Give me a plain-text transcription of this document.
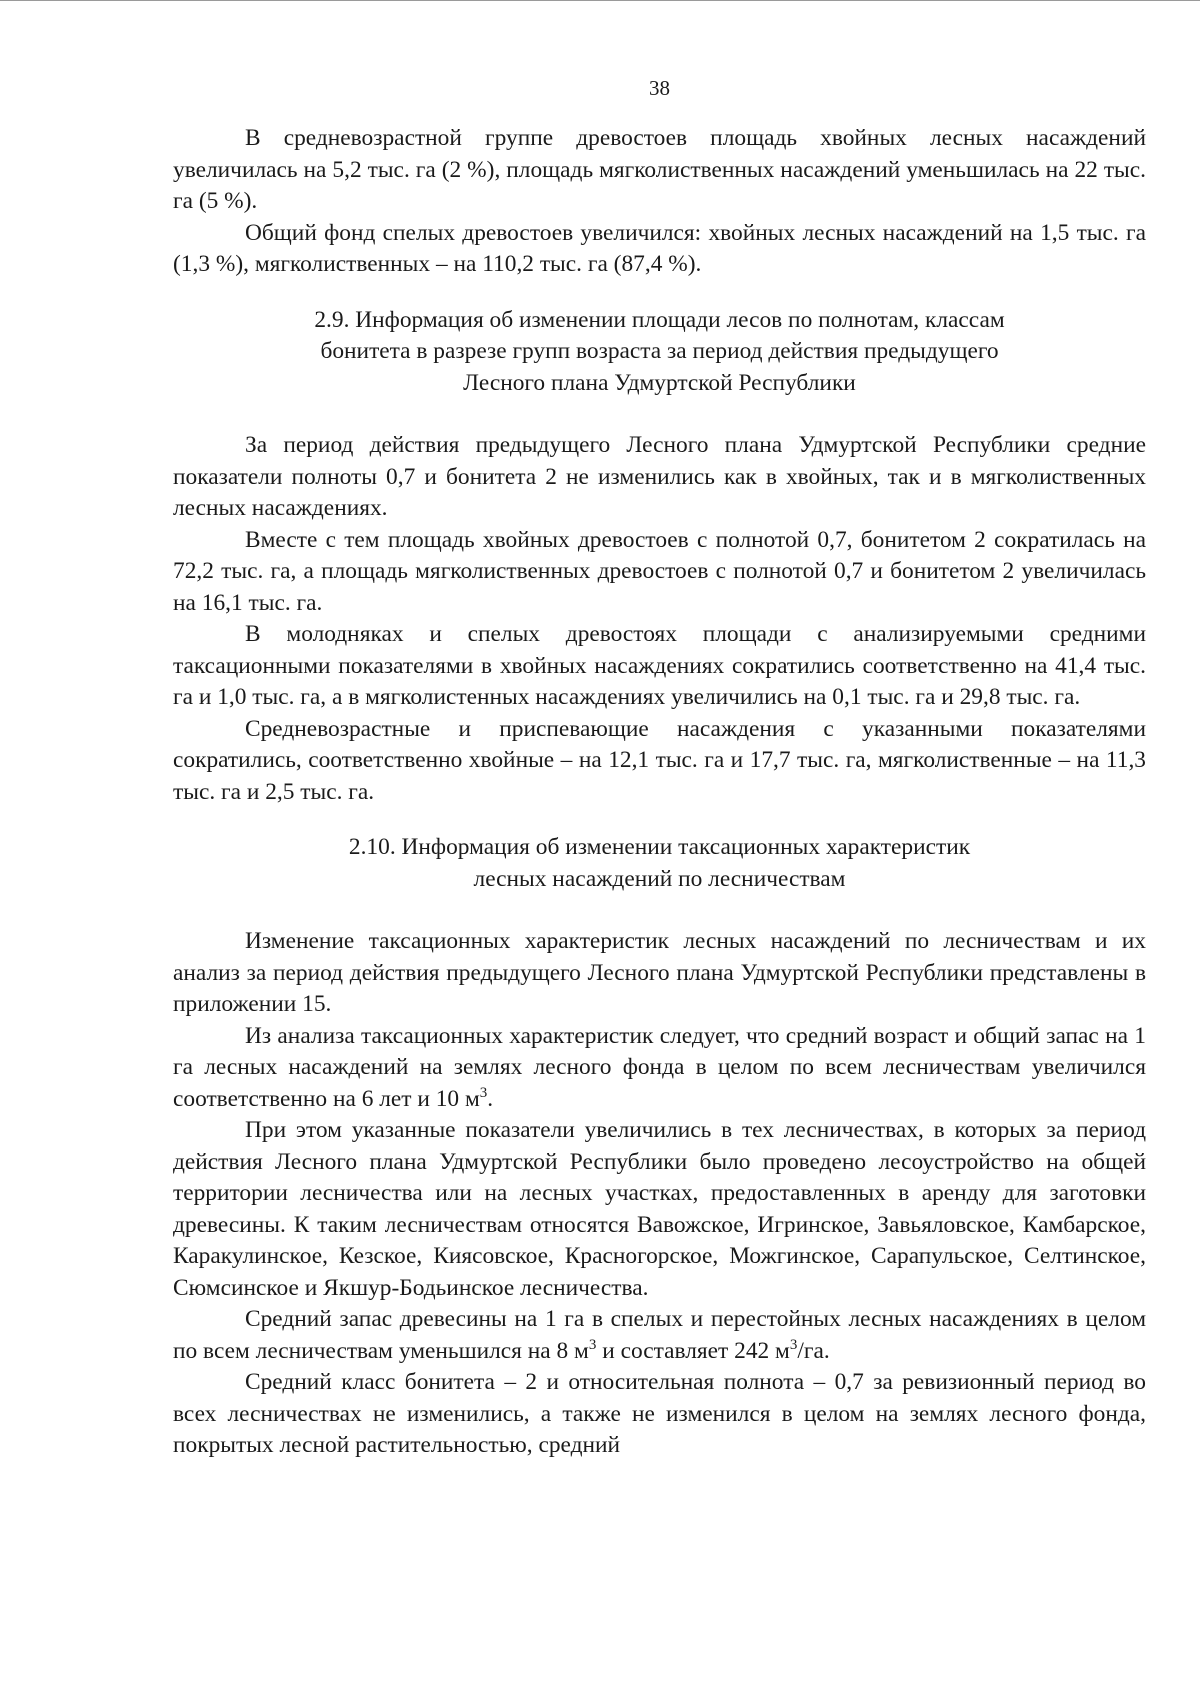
38

В средневозрастной группе древостоев площадь хвойных лесных насаждений увеличилась на 5,2 тыс. га (2 %), площадь мягколиственных насаждений уменьшилась на 22 тыс. га (5 %).

Общий фонд спелых древостоев увеличился: хвойных лесных насаждений на 1,5 тыс. га (1,3 %), мягколиственных – на 110,2 тыс. га (87,4 %).

2.9. Информация об изменении площади лесов по полнотам, классам
бонитета в разрезе групп возраста за период действия предыдущего
Лесного плана Удмуртской Республики

За период действия предыдущего Лесного плана Удмуртской Республики средние показатели полноты 0,7 и бонитета 2 не изменились как в хвойных, так и в мягколиственных лесных насаждениях.

Вместе с тем площадь хвойных древостоев с полнотой 0,7, бонитетом 2 сократилась на 72,2 тыс. га, а площадь мягколиственных древостоев с полнотой 0,7 и бонитетом 2 увеличилась на 16,1 тыс. га.

В молодняках и спелых древостоях площади с анализируемыми средними таксационными показателями в хвойных насаждениях сократились соответственно на 41,4 тыс. га и 1,0 тыс. га, а в мягколистенных насаждениях увеличились на 0,1 тыс. га и 29,8 тыс. га.

Средневозрастные и приспевающие насаждения с указанными показателями сократились, соответственно хвойные – на 12,1 тыс. га и 17,7 тыс. га, мягколиственные – на 11,3 тыс. га и 2,5 тыс. га.

2.10. Информация об изменении таксационных характеристик
лесных насаждений по лесничествам

Изменение таксационных характеристик лесных насаждений по лесничествам и их анализ за период действия предыдущего Лесного плана Удмуртской Республики представлены в приложении 15.

Из анализа таксационных характеристик следует, что средний возраст и общий запас на 1 га лесных насаждений на землях лесного фонда в целом по всем лесничествам увеличился соответственно на 6 лет и 10 $м^3$.

При этом указанные показатели увеличились в тех лесничествах, в которых за период действия Лесного плана Удмуртской Республики было проведено лесоустройство на общей территории лесничества или на лесных участках, предоставленных в аренду для заготовки древесины. К таким лесничествам относятся Вавожское, Игринское, Завьяловское, Камбарское, Каракулинское, Кезское, Киясовское, Красногорское, Можгинское, Сарапульское, Селтинское, Сюмсинское и Якшур-Бодьинское лесничества.

Средний запас древесины на 1 га в спелых и перестойных лесных насаждениях в целом по всем лесничествам уменьшился на 8 $м^3$ и составляет 242 $м^3/га$.

Средний класс бонитета – 2 и относительная полнота – 0,7 за ревизионный период во всех лесничествах не изменились, а также не изменился в целом на землях лесного фонда, покрытых лесной растительностью, средний
